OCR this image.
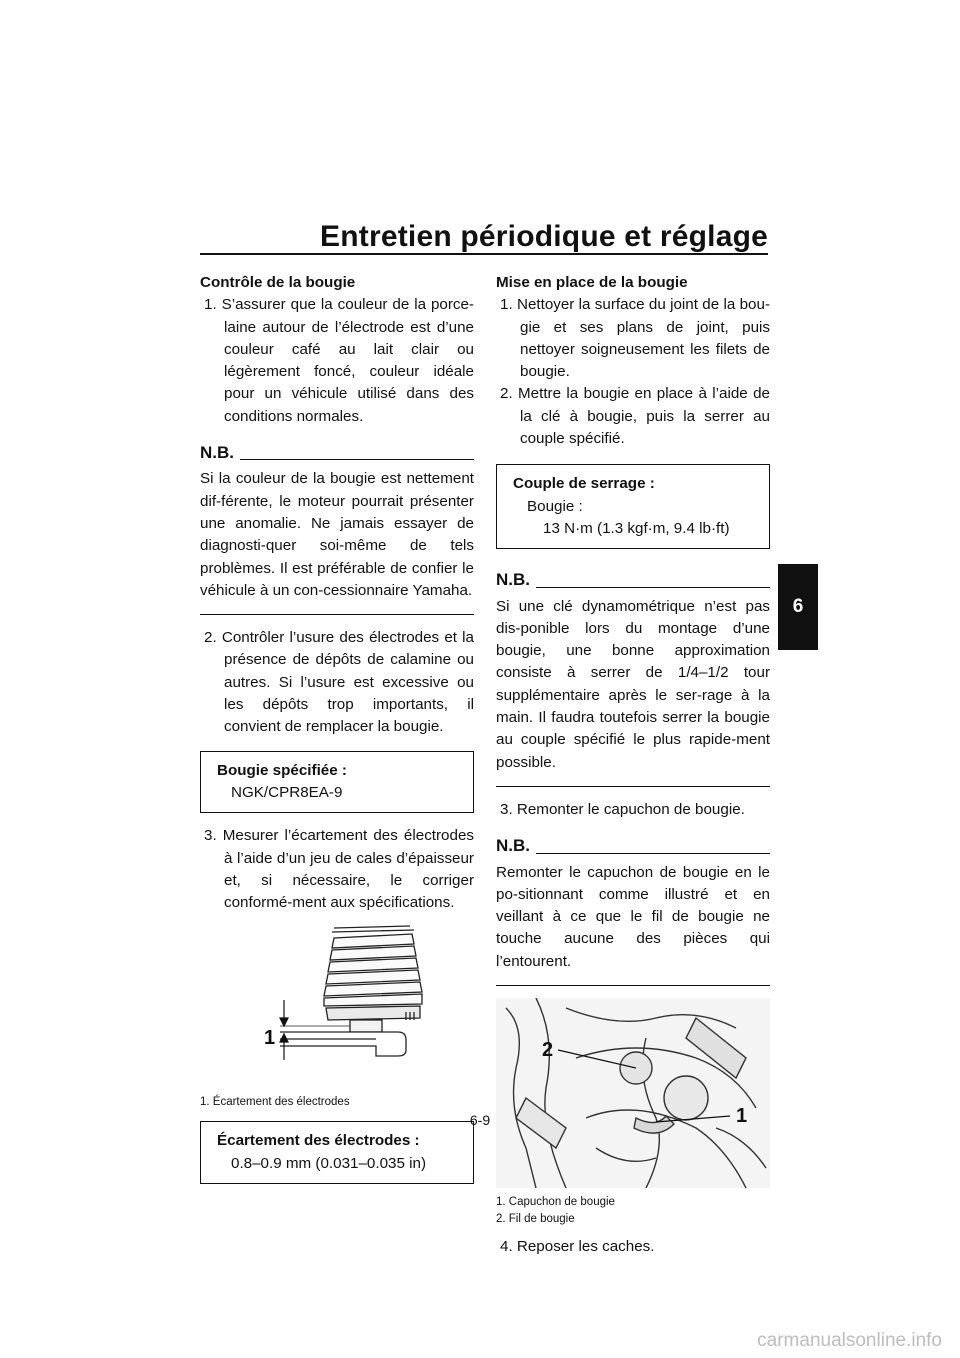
Entretien périodique et réglage
6

Contrôle de la bougie

1. S’assurer que la couleur de la porce-laine autour de l’électrode est d’une couleur café au lait clair ou légèrement foncé, couleur idéale pour un véhicule utilisé dans des conditions normales.

N.B.

Si la couleur de la bougie est nettement dif-férente, le moteur pourrait présenter une anomalie. Ne jamais essayer de diagnosti-quer soi-même de tels problèmes. Il est préférable de confier le véhicule à un con-cessionnaire Yamaha.

2. Contrôler l’usure des électrodes et la présence de dépôts de calamine ou autres. Si l’usure est excessive ou les dépôts trop importants, il convient de remplacer la bougie.

Bougie spécifiée :
NGK/CPR8EA-9

3. Mesurer l’écartement des électrodes à l’aide d’un jeu de cales d’épaisseur et, si nécessaire, le corriger conformé-ment aux spécifications.

1

1. Écartement des électrodes

Écartement des électrodes :
0.8–0.9 mm (0.031–0.035 in)

Mise en place de la bougie

1. Nettoyer la surface du joint de la bou-gie et ses plans de joint, puis nettoyer soigneusement les filets de bougie.

2. Mettre la bougie en place à l’aide de la clé à bougie, puis la serrer au couple spécifié.

Couple de serrage :
Bougie :
13 N·m (1.3 kgf·m, 9.4 lb·ft)
N.B.

Si une clé dynamométrique n’est pas dis-ponible lors du montage d’une bougie, une bonne approximation consiste à serrer de 1/4–1/2 tour supplémentaire après le ser-rage à la main. Il faudra toutefois serrer la bougie au couple spécifié le plus rapide-ment possible.

3. Remonter le capuchon de bougie.

N.B.

Remonter le capuchon de bougie en le po-sitionnant comme illustré et en veillant à ce que le fil de bougie ne touche aucune des pièces qui l’entourent.

1
2

1. Capuchon de bougie

2. Fil de bougie

4. Reposer les caches.

6-9
carmanualsonline.info
